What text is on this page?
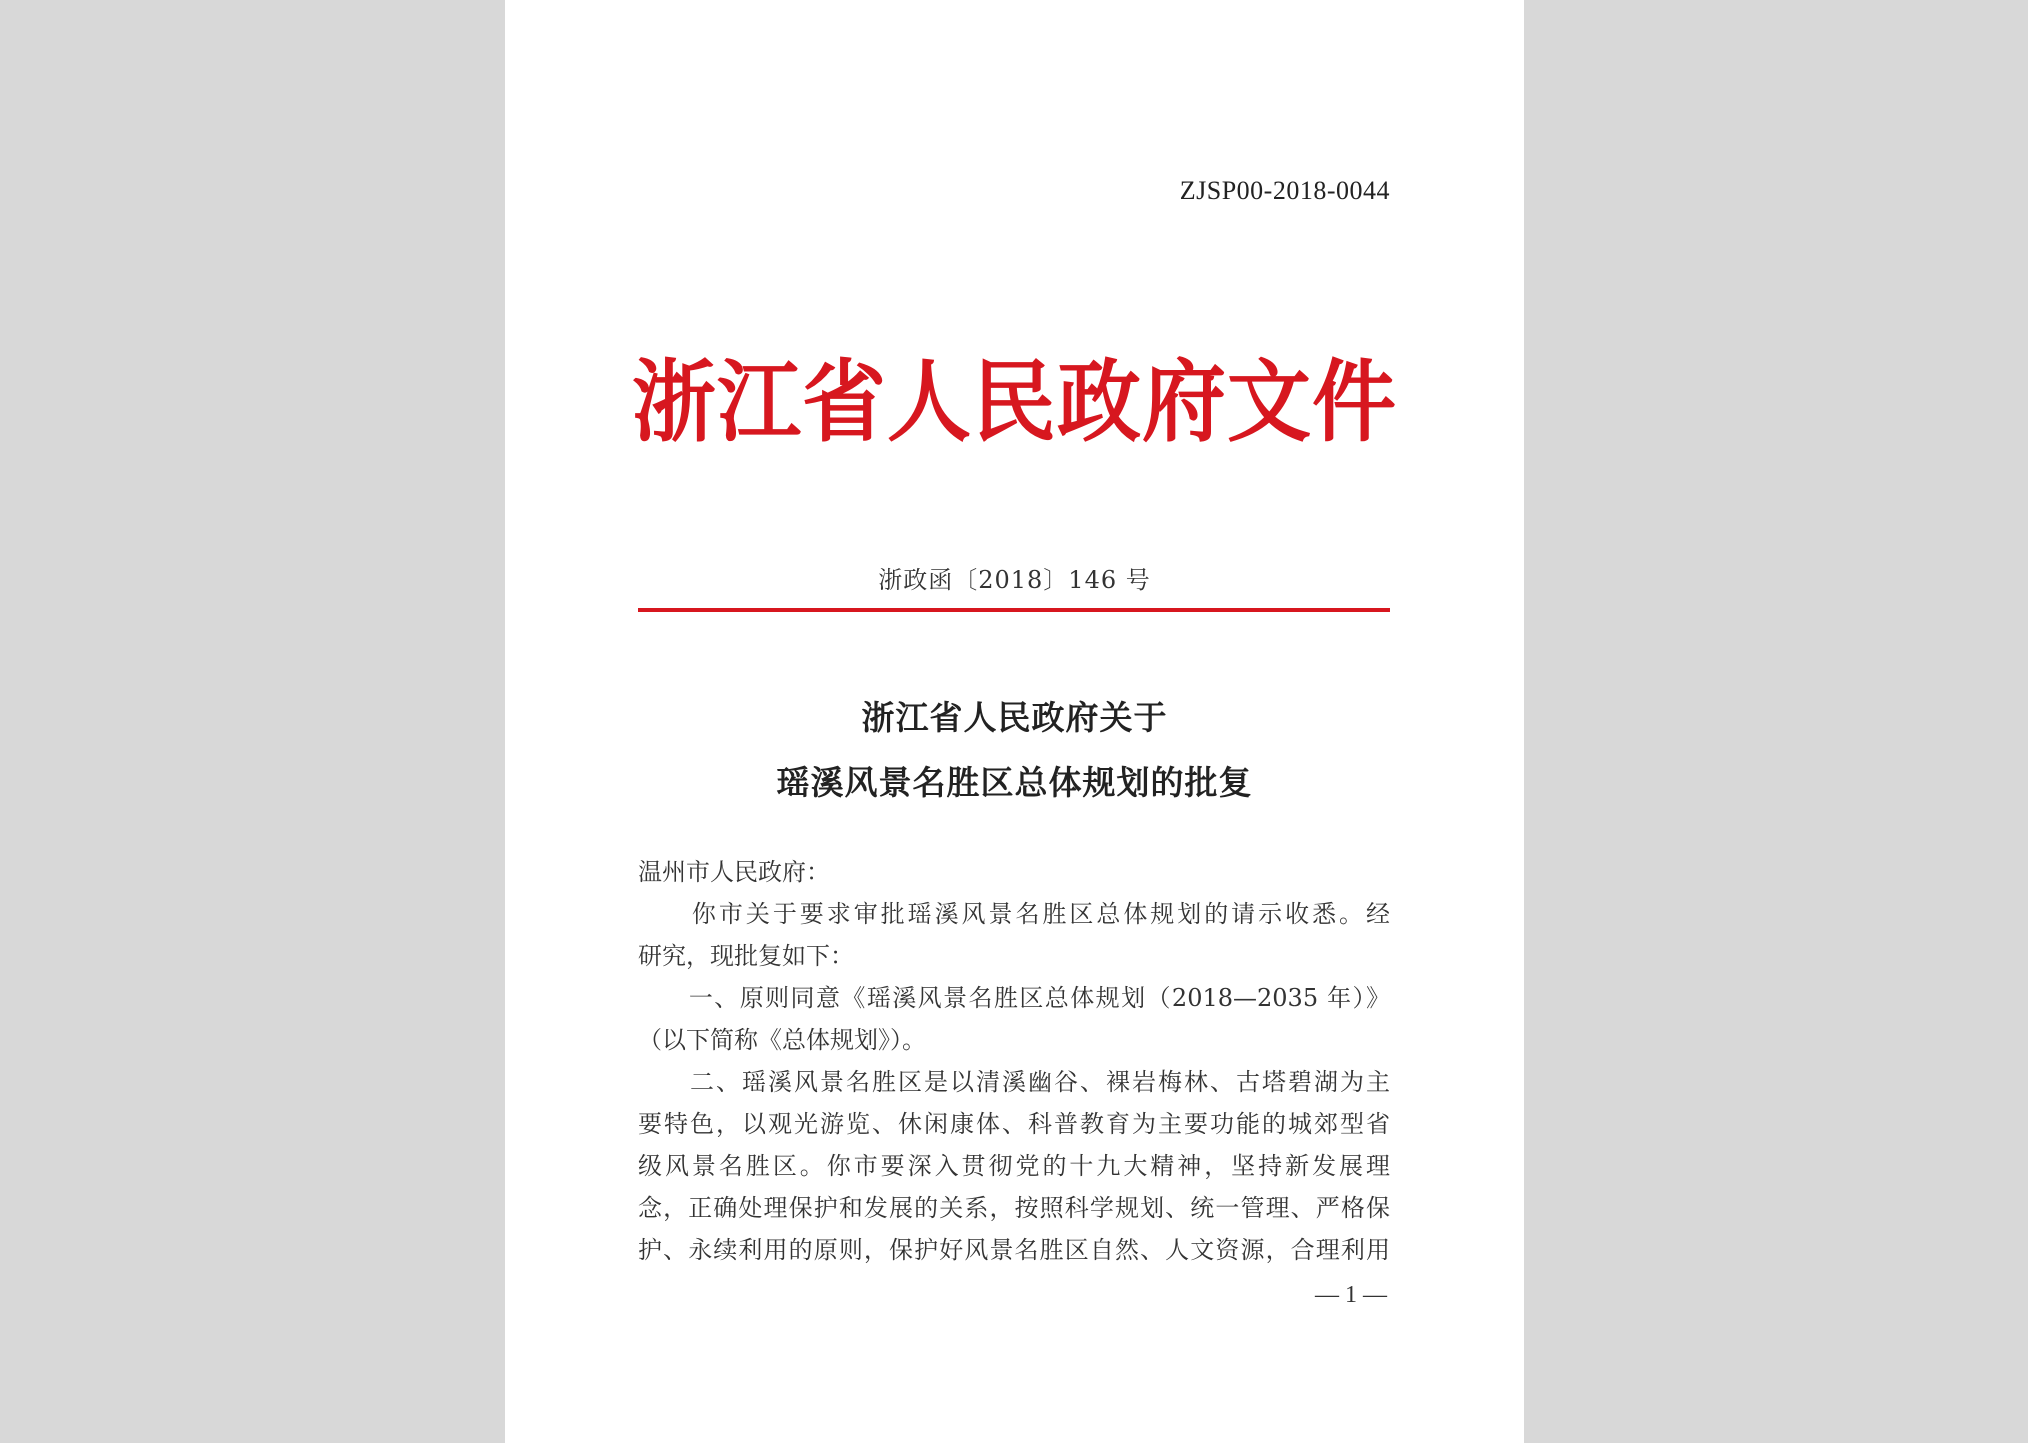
ZJSP00-2018-0044
浙江省人民政府文件
浙政函〔2018〕146 号
浙江省人民政府关于
瑶溪风景名胜区总体规划的批复
温州市人民政府：
　　你市关于要求审批瑶溪风景名胜区总体规划的请示收悉。经
研究，现批复如下：
　　一、原则同意《瑶溪风景名胜区总体规划（2018—2035 年）》
（以下简称《总体规划》）。
　　二、瑶溪风景名胜区是以清溪幽谷、裸岩梅林、古塔碧湖为主
要特色，以观光游览、休闲康体、科普教育为主要功能的城郊型省
级风景名胜区。你市要深入贯彻党的十九大精神，坚持新发展理
念，正确处理保护和发展的关系，按照科学规划、统一管理、严格保
护、永续利用的原则，保护好风景名胜区自然、人文资源，合理利用
— 1 —
